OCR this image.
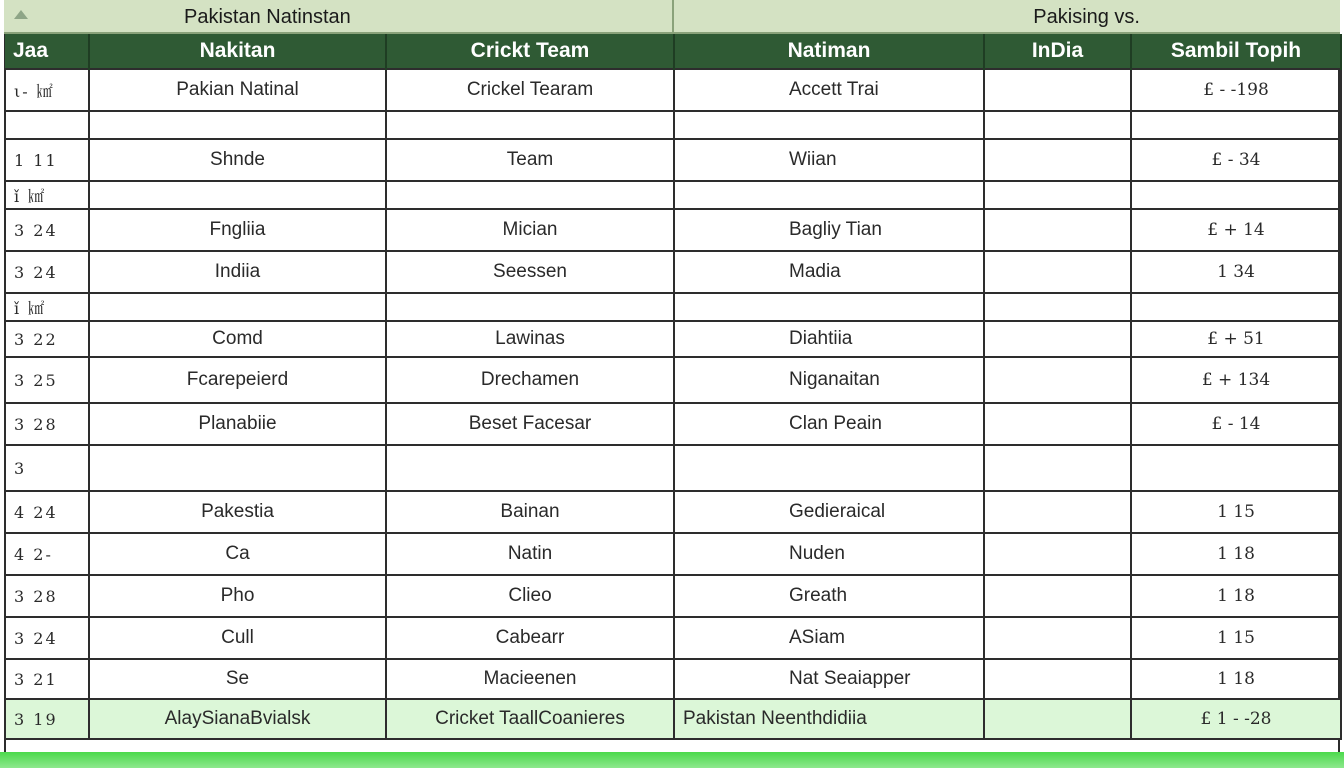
Pakistan Natinstan	Pakising vs.
Jaa	Nakitan	Crickt Team	Natiman	InDia	Sambil Topih
ι- ㎢	Pakian Natinal	Crickel Tearam	Accett Trai		£ - -198

1 11	Shnde	Team	Wiian		£ - 34
ǐ ㎢					
3 24	Fngliia	Mician	Bagliy Tian		£ + 14
3 24	Indiia	Seessen	Madia		1 34
ǐ ㎢					
3 22	Comd	Lawinas	Diahtiia		£ + 51
3 25	Fcarepeierd	Drechamen	Niganaitan		£ + 134
3 28	Planabiie	Beset Facesar	Clan Peain		£ - 14
3					
4 24	Pakestia	Bainan	Gedieraical		1 15
4 2-	Ca	Natin	Nuden		1 18
3 28	Pho	Clieo	Greath		1 18
3 24	Cull	Cabearr	ASiam		1 15
3 21	Se	Macieenen	Nat Seaiapper		1 18
3 19	AlaySianaBvialsk	Cricket TaallCoanieres	Pakistan Neenthdidiia		£ 1 - -28
